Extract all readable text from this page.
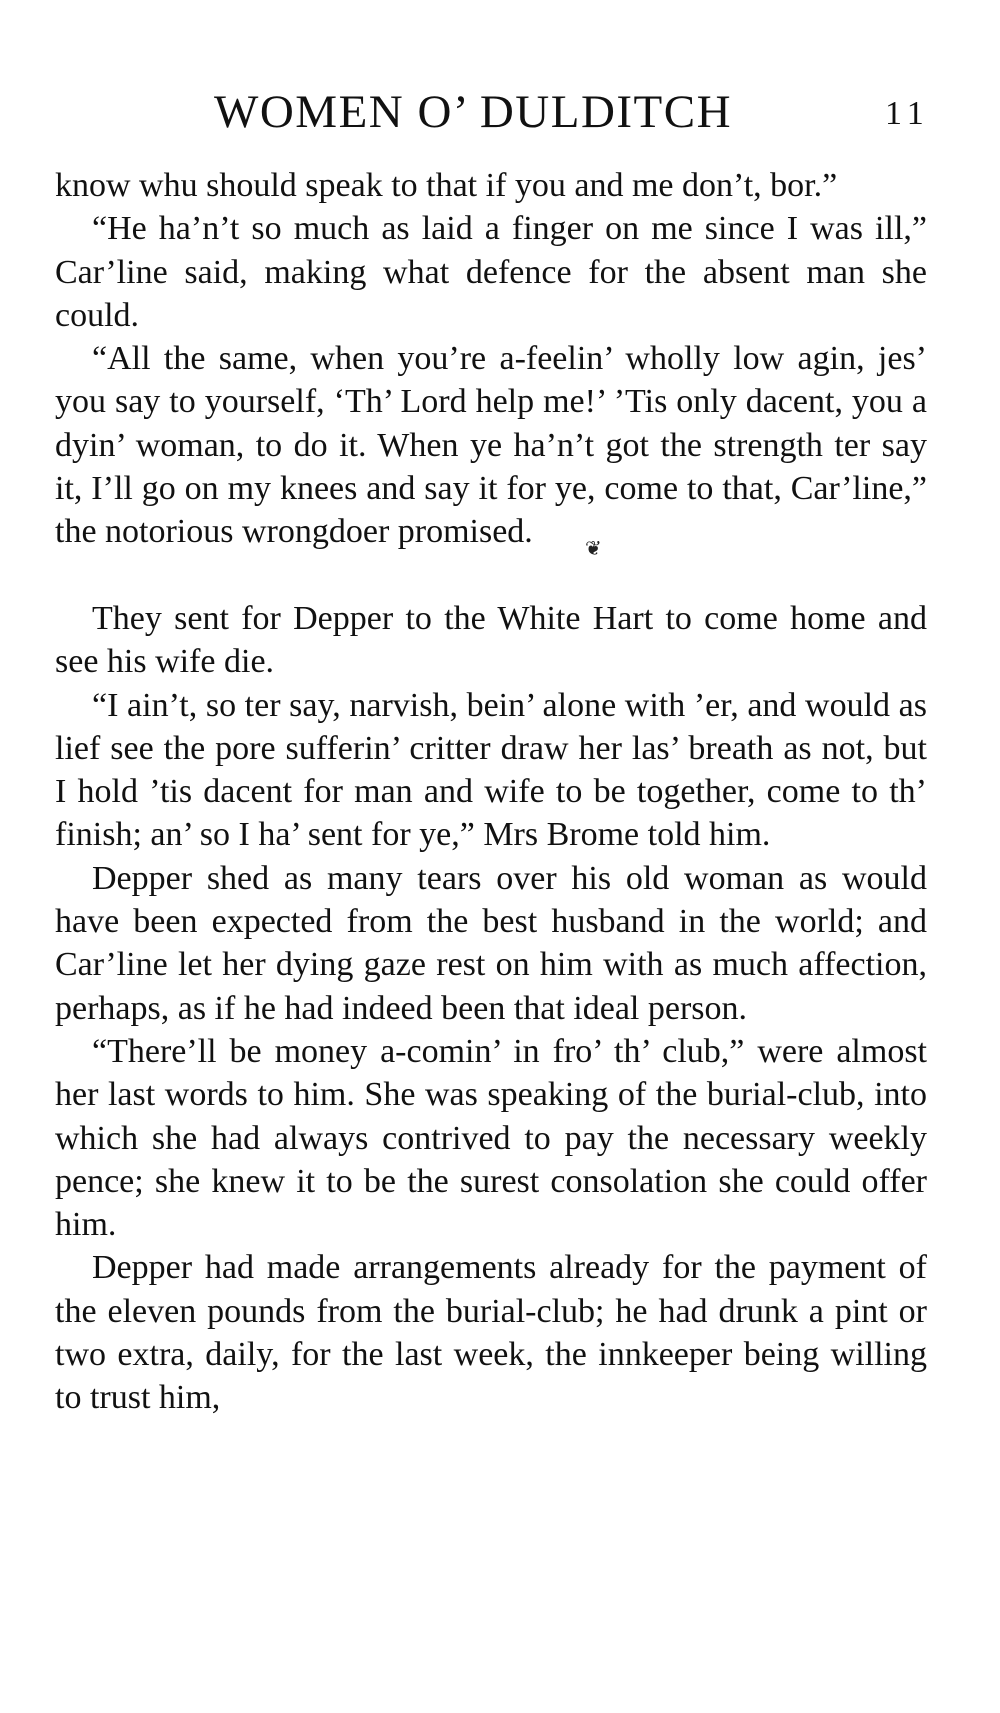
WOMEN O’ DULDITCH	11

know whu should speak to that if you and me don’t, bor.”

“He ha’n’t so much as laid a finger on me since I was ill,” Car’line said, making what defence for the absent man she could.

“All the same, when you’re a-feelin’ wholly low agin, jes’ you say to yourself, ‘Th’ Lord help me!’ ’Tis only dacent, you a dyin’ woman, to do it. When ye ha’n’t got the strength ter say it, I’ll go on my knees and say it for ye, come to that, Car’line,” the notorious wrongdoer promised.	❦

They sent for Depper to the White Hart to come home and see his wife die.

“I ain’t, so ter say, narvish, bein’ alone with ’er, and would as lief see the pore sufferin’ critter draw her las’ breath as not, but I hold ’tis dacent for man and wife to be together, come to th’ finish; an’ so I ha’ sent for ye,” Mrs Brome told him.

Depper shed as many tears over his old woman as would have been expected from the best husband in the world; and Car’line let her dying gaze rest on him with as much affection, perhaps, as if he had indeed been that ideal person.

“There’ll be money a-comin’ in fro’ th’ club,” were almost her last words to him. She was speaking of the burial-club, into which she had always contrived to pay the necessary weekly pence; she knew it to be the surest consolation she could offer him.

Depper had made arrangements already for the payment of the eleven pounds from the burial-club; he had drunk a pint or two extra, daily, for the last week, the innkeeper being willing to trust him,
